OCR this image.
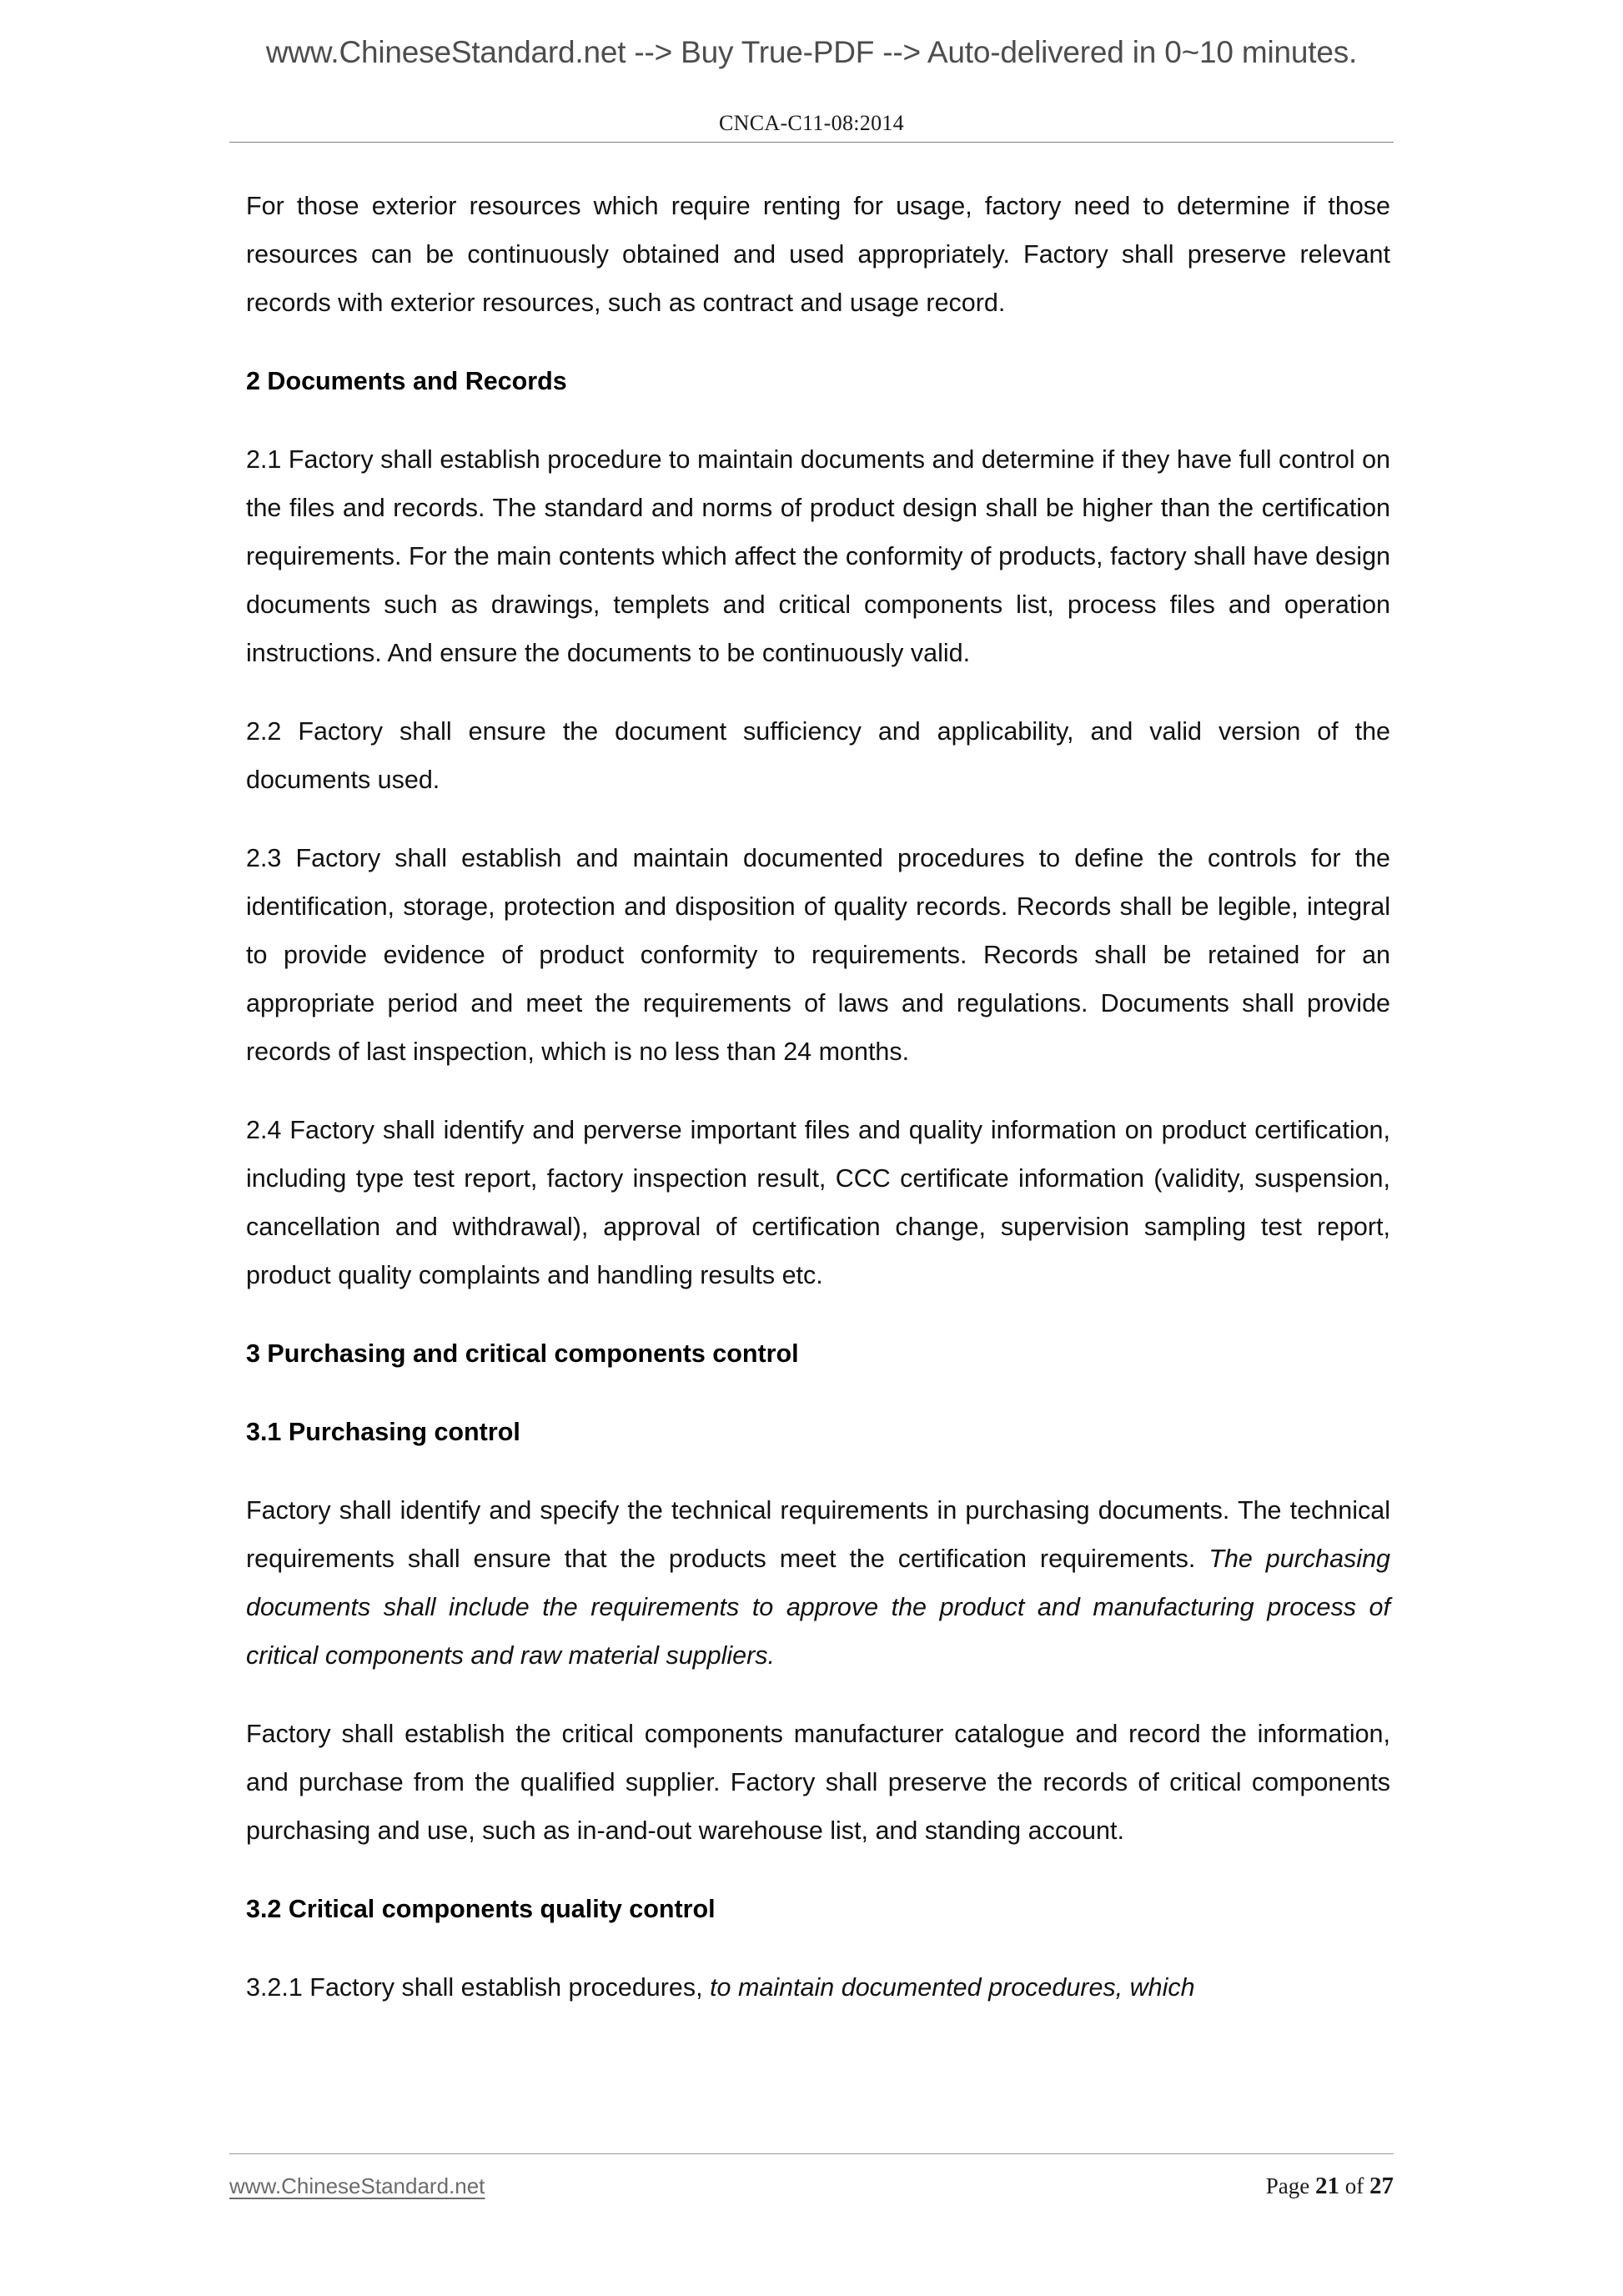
www.ChineseStandard.net --> Buy True-PDF --> Auto-delivered in 0~10 minutes.
CNCA-C11-08:2014

For those exterior resources which require renting for usage, factory need to determine if those resources can be continuously obtained and used appropriately. Factory shall preserve relevant records with exterior resources, such as contract and usage record.

2 Documents and Records

2.1 Factory shall establish procedure to maintain documents and determine if they have full control on the files and records. The standard and norms of product design shall be higher than the certification requirements. For the main contents which affect the conformity of products, factory shall have design documents such as drawings, templets and critical components list, process files and operation instructions. And ensure the documents to be continuously valid.

2.2 Factory shall ensure the document sufficiency and applicability, and valid version of the documents used.

2.3 Factory shall establish and maintain documented procedures to define the controls for the identification, storage, protection and disposition of quality records. Records shall be legible, integral to provide evidence of product conformity to requirements. Records shall be retained for an appropriate period and meet the requirements of laws and regulations. Documents shall provide records of last inspection, which is no less than 24 months.

2.4 Factory shall identify and perverse important files and quality information on product certification, including type test report, factory inspection result, CCC certificate information (validity, suspension, cancellation and withdrawal), approval of certification change, supervision sampling test report, product quality complaints and handling results etc.

3 Purchasing and critical components control
3.1 Purchasing control

Factory shall identify and specify the technical requirements in purchasing documents. The technical requirements shall ensure that the products meet the certification requirements. The purchasing documents shall include the requirements to approve the product and manufacturing process of critical components and raw material suppliers.

Factory shall establish the critical components manufacturer catalogue and record the information, and purchase from the qualified supplier. Factory shall preserve the records of critical components purchasing and use, such as in-and-out warehouse list, and standing account.

3.2 Critical components quality control

3.2.1 Factory shall establish procedures, to maintain documented procedures, which

www.ChineseStandard.net	Page 21 of 27
